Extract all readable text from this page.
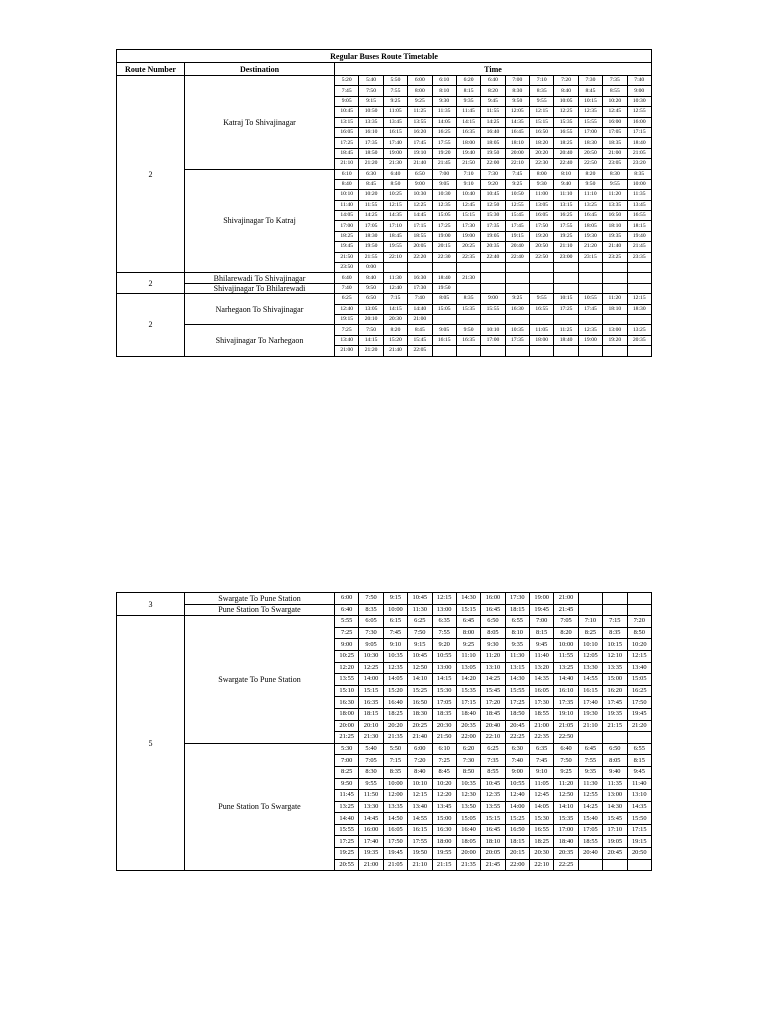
Regular Buses Route Timetable														
Route Number	Destination	Time												
2	Katraj To Shivajinagar	5:20	5:40	5:50	6:00	6:10	6:20	6:40	7:00	7:10	7:20	7:30	7:35	7:40
		7:45	7:50	7:55	8:00	8:10	8:15	8:20	8:30	8:35	8:40	8:45	8:55	9:00
		9:05	9:15	9:25	9:25	9:30	9:35	9:45	9:50	9:55	10:05	10:15	10:20	10:30
		10:45	10:50	11:05	11:25	11:35	11:45	11:55	12:05	12:15	12:25	12:35	12:45	12:55
		13:15	13:35	13:45	13:55	14:05	14:15	14:25	14:35	15:15	15:35	15:55	16:00	16:00
		16:05	16:10	16:15	16:20	16:25	16:35	16:40	16:45	16:50	16:55	17:00	17:05	17:15
		17:25	17:35	17:40	17:45	17:55	18:00	18:05	18:10	18:20	18:25	18:30	18:35	18:40
		18:45	18:50	19:00	19:10	19:20	19:40	19:50	20:00	20:20	20:40	20:50	21:00	21:05
		21:10	21:20	21:30	21:40	21:45	21:50	22:00	22:10	22:30	22:40	22:50	23:05	23:20
	Shivajinagar To Katraj	6:10	6:30	6:40	6:50	7:00	7:10	7:30	7:45	8:00	8:10	8:20	8:30	8:35
		8:40	8:45	8:50	9:00	9:05	9:10	9:20	9:25	9:30	9:40	9:50	9:55	10:00
		10:10	10:20	10:25	10:30	10:30	10:40	10:45	10:50	11:00	11:10	11:10	11:20	11:35
		11:40	11:55	12:15	12:25	12:35	12:45	12:50	12:55	13:05	13:15	13:25	13:35	13:45
		14:05	14:25	14:35	14:45	15:05	15:15	15:30	15:45	16:05	16:25	16:45	16:50	16:55
		17:00	17:05	17:10	17:15	17:25	17:30	17:35	17:45	17:50	17:55	18:05	18:10	18:15
		18:25	18:30	18:45	18:55	19:00	19:00	19:05	19:15	19:20	19:25	19:30	19:35	19:40
		19:45	19:50	19:55	20:05	20:15	20:25	20:35	20:40	20:50	21:10	21:20	21:40	21:45
		21:50	21:55	22:10	22:20	22:30	22:35	22:40	22:40	22:50	23:00	23:15	23:25	23:35
		23:50	0:00											
2	Bhilarewadi To Shivajinagar	6:40	8:40	11:30	16:30	18:40	21:30							
	Shivajinagar To Bhilarewadi	7:40	9:50	12:40	17:30	19:50								
2	Narhegaon To Shivajinagar	6:25	6:50	7:15	7:40	8:05	8:35	9:00	9:25	9:55	10:15	10:55	11:20	12:15
		12:40	13:05	14:15	14:40	15:05	15:35	15:55	16:30	16:55	17:25	17:45	18:10	18:30
		19:15	20:10	20:30	21:00									
	Shivajinagar To Narhegaon	7:25	7:50	8:20	8:45	9:05	9:50	10:10	10:35	11:05	11:25	12:35	13:00	13:25
		13:40	14:15	15:20	15:45	16:15	16:35	17:00	17:35	18:00	18:40	19:00	19:20	20:35
		21:00	21:20	21:40	22:05									
3	Swargate To Pune Station	6:00	7:50	9:15	10:45	12:15	14:30	16:00	17:30	19:00	21:00			
	Pune Station To Swargate	6:40	8:35	10:00	11:30	13:00	15:15	16:45	18:15	19:45	21:45			
5	Swargate To Pune Station	5:55	6:05	6:15	6:25	6:35	6:45	6:50	6:55	7:00	7:05	7:10	7:15	7:20
		7:25	7:30	7:45	7:50	7:55	8:00	8:05	8:10	8:15	8:20	8:25	8:35	8:50
		9:00	9:05	9:10	9:15	9:20	9:25	9:30	9:35	9:45	10:00	10:10	10:15	10:20
		10:25	10:30	10:35	10:45	10:55	11:10	11:20	11:30	11:40	11:55	12:05	12:10	12:15
		12:20	12:25	12:35	12:50	13:00	13:05	13:10	13:15	13:20	13:25	13:30	13:35	13:40
		13:55	14:00	14:05	14:10	14:15	14:20	14:25	14:30	14:35	14:40	14:55	15:00	15:05
		15:10	15:15	15:20	15:25	15:30	15:35	15:45	15:55	16:05	16:10	16:15	16:20	16:25
		16:30	16:35	16:40	16:50	17:05	17:15	17:20	17:25	17:30	17:35	17:40	17:45	17:50
		18:00	18:15	18:25	18:30	18:35	18:40	18:45	18:50	18:55	19:10	19:30	19:35	19:45
		20:00	20:10	20:20	20:25	20:30	20:35	20:40	20:45	21:00	21:05	21:10	21:15	21:20
		21:25	21:30	21:35	21:40	21:50	22:00	22:10	22:25	22:35	22:50			
	Pune Station To Swargate	5:30	5:40	5:50	6:00	6:10	6:20	6:25	6:30	6:35	6:40	6:45	6:50	6:55
		7:00	7:05	7:15	7:20	7:25	7:30	7:35	7:40	7:45	7:50	7:55	8:05	8:15
		8:25	8:30	8:35	8:40	8:45	8:50	8:55	9:00	9:10	9:25	9:35	9:40	9:45
		9:50	9:55	10:00	10:10	10:20	10:35	10:45	10:55	11:05	11:20	11:30	11:35	11:40
		11:45	11:50	12:00	12:15	12:20	12:30	12:35	12:40	12:45	12:50	12:55	13:00	13:10
		13:25	13:30	13:35	13:40	13:45	13:50	13:55	14:00	14:05	14:10	14:25	14:30	14:35
		14:40	14:45	14:50	14:55	15:00	15:05	15:15	15:25	15:30	15:35	15:40	15:45	15:50
		15:55	16:00	16:05	16:15	16:30	16:40	16:45	16:50	16:55	17:00	17:05	17:10	17:15
		17:25	17:40	17:50	17:55	18:00	18:05	18:10	18:15	18:25	18:40	18:55	19:05	19:15
		19:25	19:35	19:45	19:50	19:55	20:00	20:05	20:15	20:30	20:35	20:40	20:45	20:50
		20:55	21:00	21:05	21:10	21:15	21:35	21:45	22:00	22:10	22:25			
